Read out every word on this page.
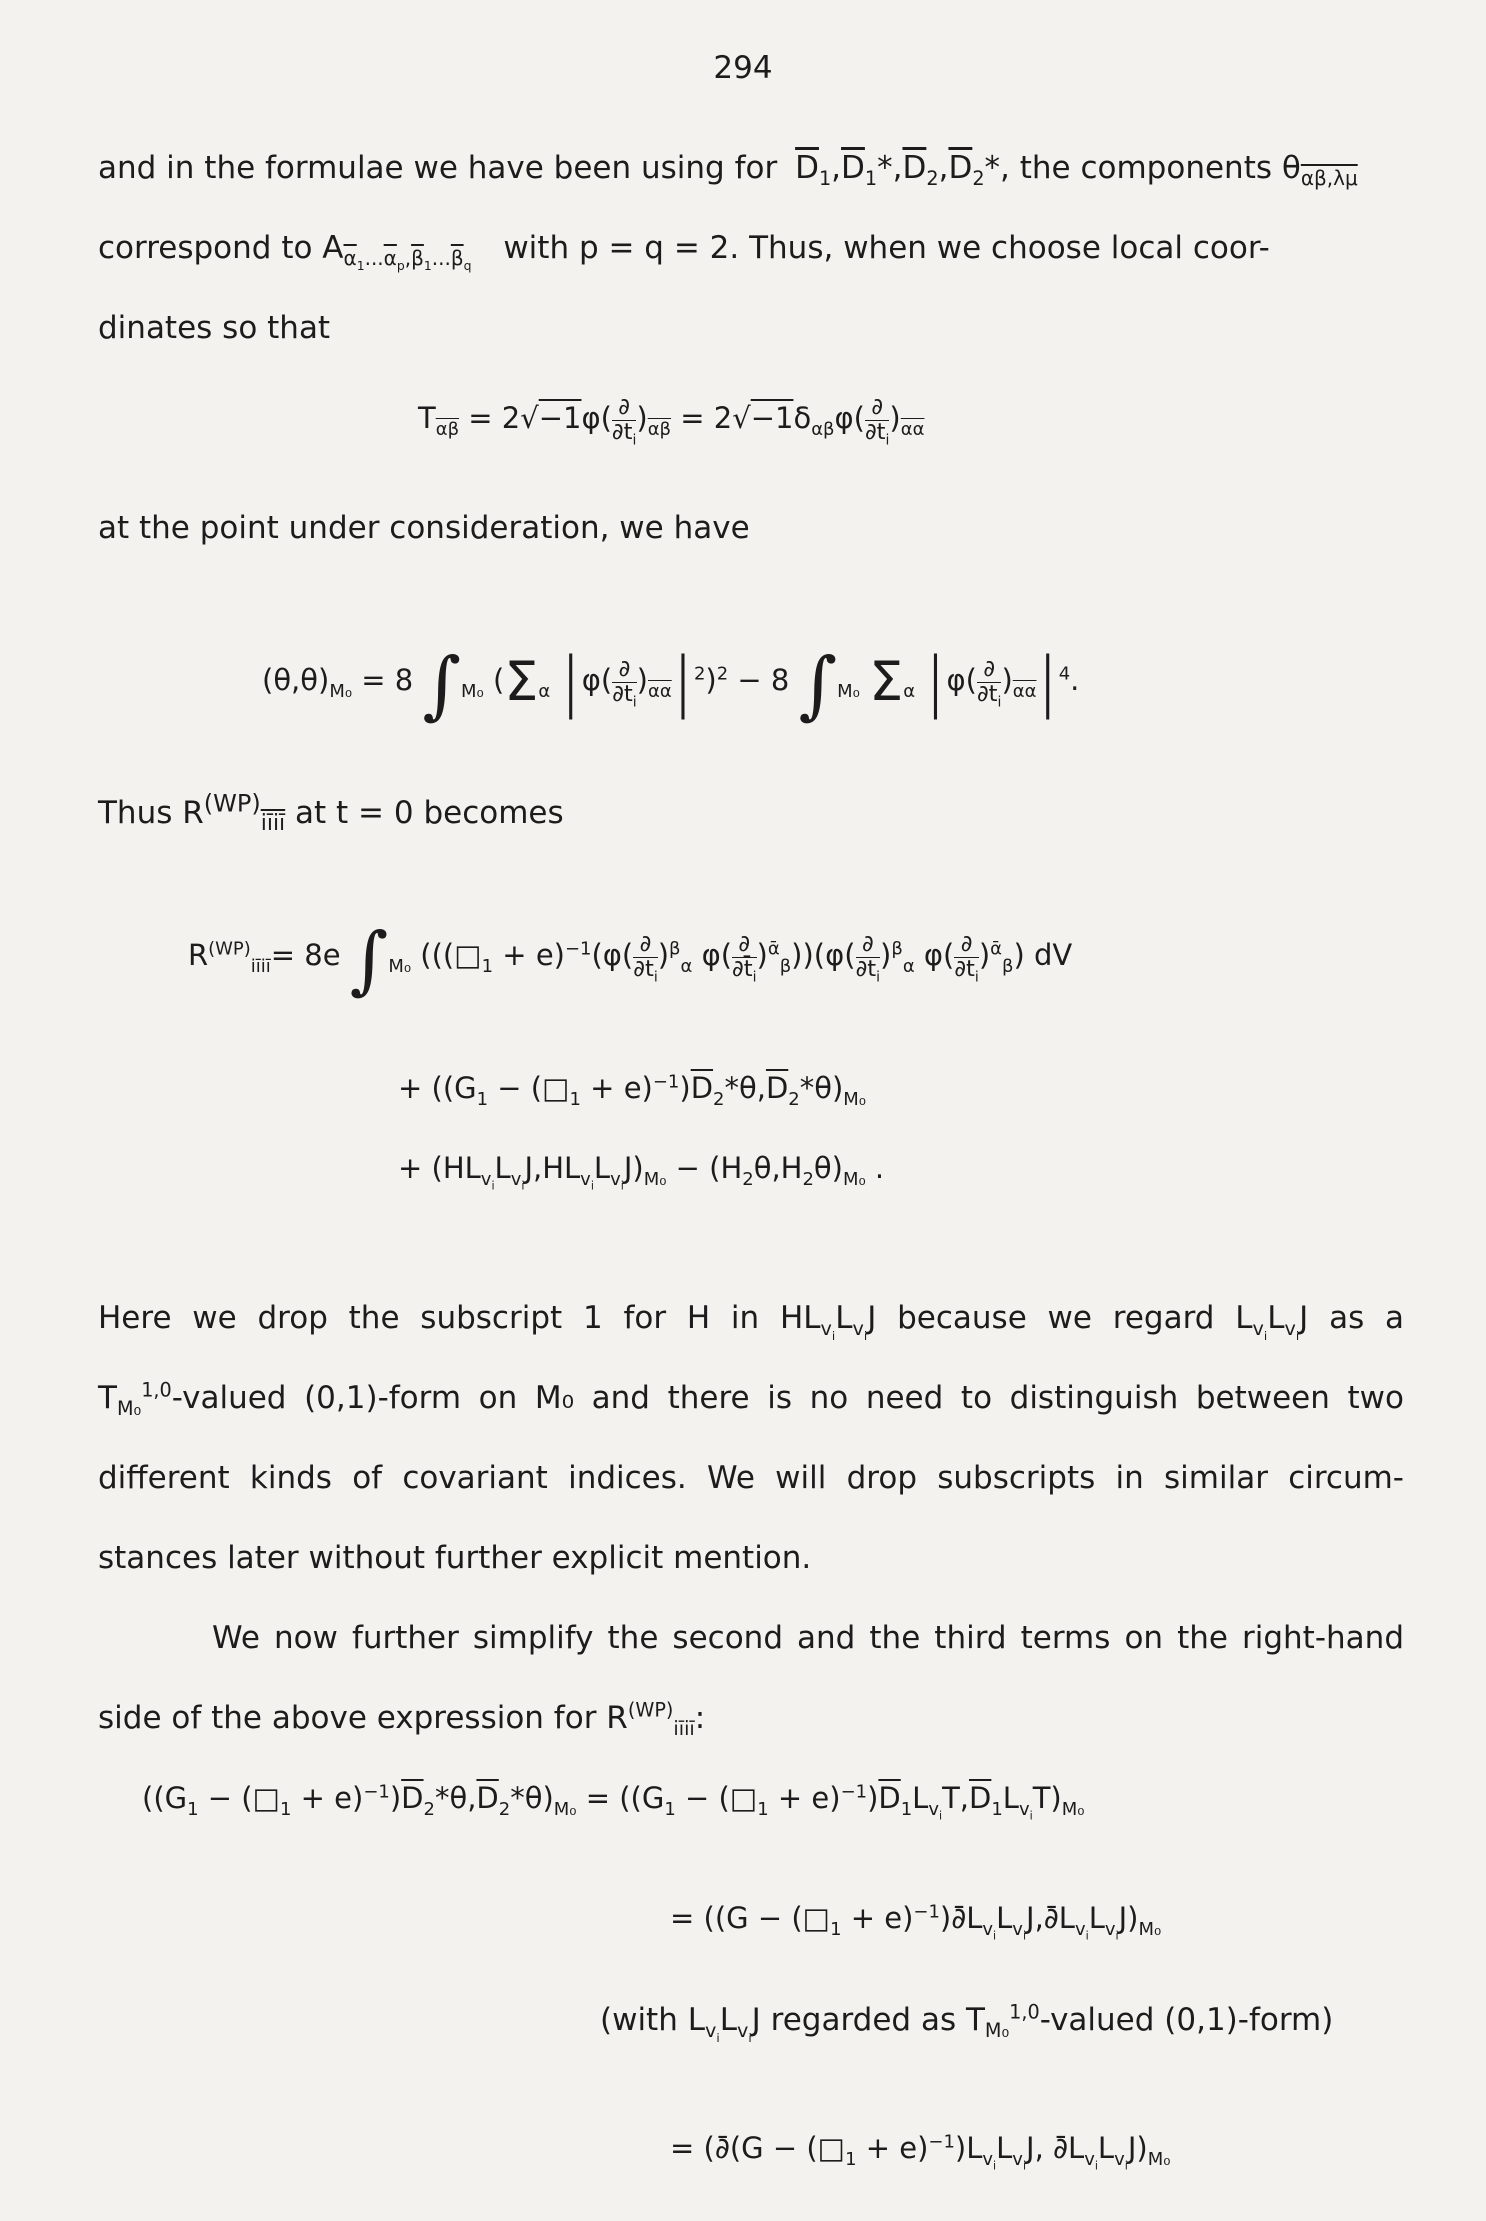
294
and in the formulae we have been using for $\overline{D}_1,\overline{D}_1*,\overline{D}_2,\overline{D}_2*$, the components $\theta_{\alpha\beta,\lambda\mu}$
correspond to $A_{\overline{\alpha}_1...\overline{\alpha}_p,\overline{\beta}_1...\overline{\beta}_q}$ with p = q = 2. Thus, when we choose local coor-
dinates so that
$T_{\overline{\alpha\beta}} = 2√-1\varphi( \frac{\partial}{\partial t_i} )_{\overline{\alpha\beta}} = 2√-1\delta_{\alpha\beta}\varphi( \frac{\partial}{\partial t_i} )_{\overline{\alpha\alpha}}$
at the point under consideration, we have
$(\theta,\theta)_{M_0} = 8$ $\int_{M_0}$ ($\Sigma_\alpha$ $|\varphi( \frac{\partial}{\partial t_i} )_{\overline{\alpha\alpha}}|^2)^2 - 8$ $\int_{M_0}$ $\Sigma_\alpha$ $|\varphi( \frac{\partial}{\partial t_i} )_{\overline{\alpha\alpha}}|^4$.
Thus $R^{(WP)}_{iīiī}$ at t = 0 becomes
$R^{(WP)}_{iīiī}= 8e$ $\int_{M_0}$ (($(□_1 + e)^{-1}(\varphi( \frac{\partial}{\partial t_i} )^\beta_\alpha$ $\varphi( \frac{\partial}{\partial t̄_i} )^ᾱ_\beta))(\varphi( \frac{\partial}{\partial t_i} )^\beta_\alpha$ $\varphi( \frac{\partial}{\partial t_i} )^ᾱ_\beta$) dV
+ (($G_1$ − $(□_1 + e)^{-1})\overline{D}_2*\theta,\overline{D}_2*\theta)_{M_0}$
+ $(HL_{v_i}L_{v_i}J,HL_{v_i}L_{v_i}J)_{M_0} - (H_2\theta,H_2\theta)_{M_0}$ .
Here we drop the subscript 1 for H in $HL_{v_i}L_{v_i}J$ because we regard $L_{v_i}L_{v_i}J$ as a
$T_{M_0}^{1,0}$-valued (0,1)-form on M₀ and there is no need to distinguish between two
different kinds of covariant indices. We will drop subscripts in similar circum-
stances later without further explicit mention.
We now further simplify the second and the third terms on the right-hand
side of the above expression for $R^{(WP)}_{iīiī}$:
(($G_1$ − $(□_1 + e)^{-1})\overline{D}_2*\theta,\overline{D}_2*\theta)_{M_0} = ((G_1$ − $(□_1 + e)^{-1})\overline{D}_1L_{v_i}T,\overline{D}_1L_{v_i}T)_{M_0}$
= (($G - (□_1$ + $e)^{-1})\partial̄L_{v_i}L_{v_i}J,\partial̄L_{v_i}L_{v_i}J)_{M_0}$
(with $L_{v_i}L_{v_i}J$ regarded as $T_{M_0}^{1,0}$-valued (0,1)-form)
= (∂̄(G − $(□_1 + e)^{-1})L_{v_i}L_{v_i}J$, $\partial̄L_{v_i}L_{v_i}J)_{M_0}$
